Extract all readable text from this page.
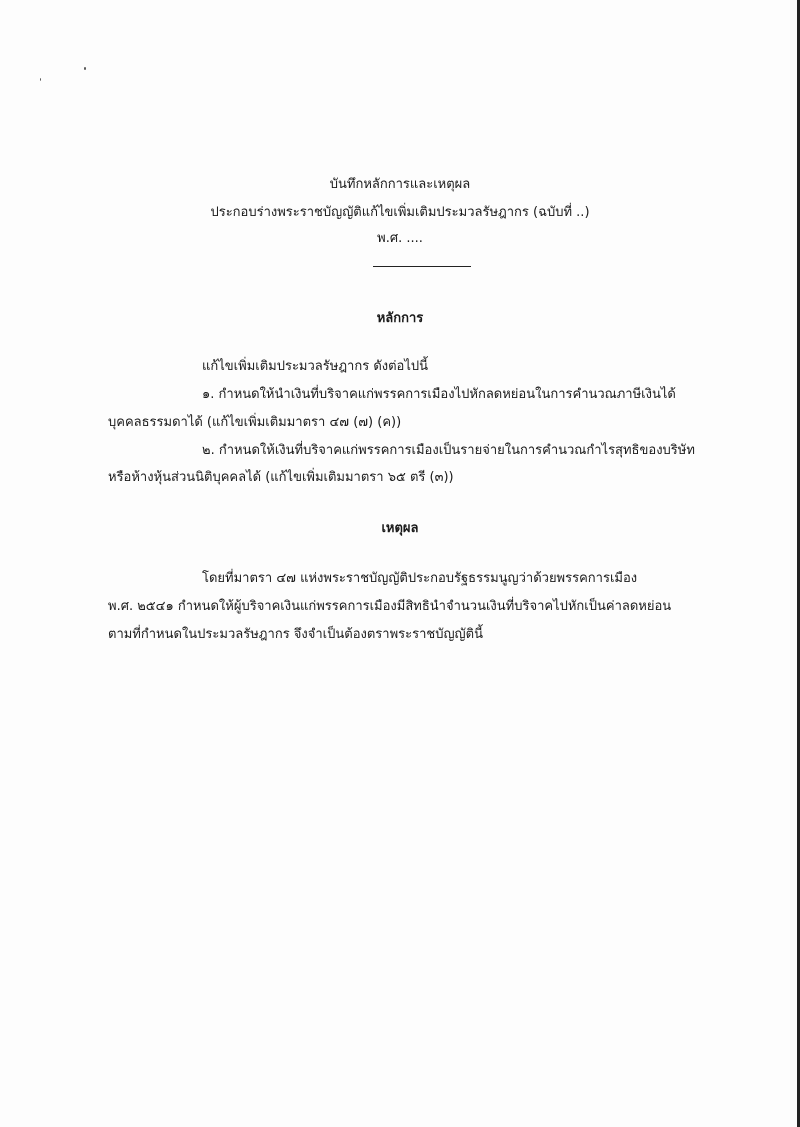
บันทึกหลักการและเหตุผล
ประกอบร่างพระราชบัญญัติแก้ไขเพิ่มเติมประมวลรัษฎากร (ฉบับที่ ..)
พ.ศ. ....
หลักการ
แก้ไขเพิ่มเติมประมวลรัษฎากร ดังต่อไปนี้
๑. กำหนดให้นำเงินที่บริจาคแก่พรรคการเมืองไปหักลดหย่อนในการคำนวณภาษีเงินได้
บุคคลธรรมดาได้ (แก้ไขเพิ่มเติมมาตรา ๔๗ (๗) (ค))
๒. กำหนดให้เงินที่บริจาคแก่พรรคการเมืองเป็นรายจ่ายในการคำนวณกำไรสุทธิของบริษัท
หรือห้างหุ้นส่วนนิติบุคคลได้ (แก้ไขเพิ่มเติมมาตรา ๖๕ ตรี (๓))
เหตุผล
โดยที่มาตรา ๔๗ แห่งพระราชบัญญัติประกอบรัฐธรรมนูญว่าด้วยพรรคการเมือง
พ.ศ. ๒๕๔๑ กำหนดให้ผู้บริจาคเงินแก่พรรคการเมืองมีสิทธินำจำนวนเงินที่บริจาคไปหักเป็นค่าลดหย่อน
ตามที่กำหนดในประมวลรัษฎากร จึงจำเป็นต้องตราพระราชบัญญัตินี้
